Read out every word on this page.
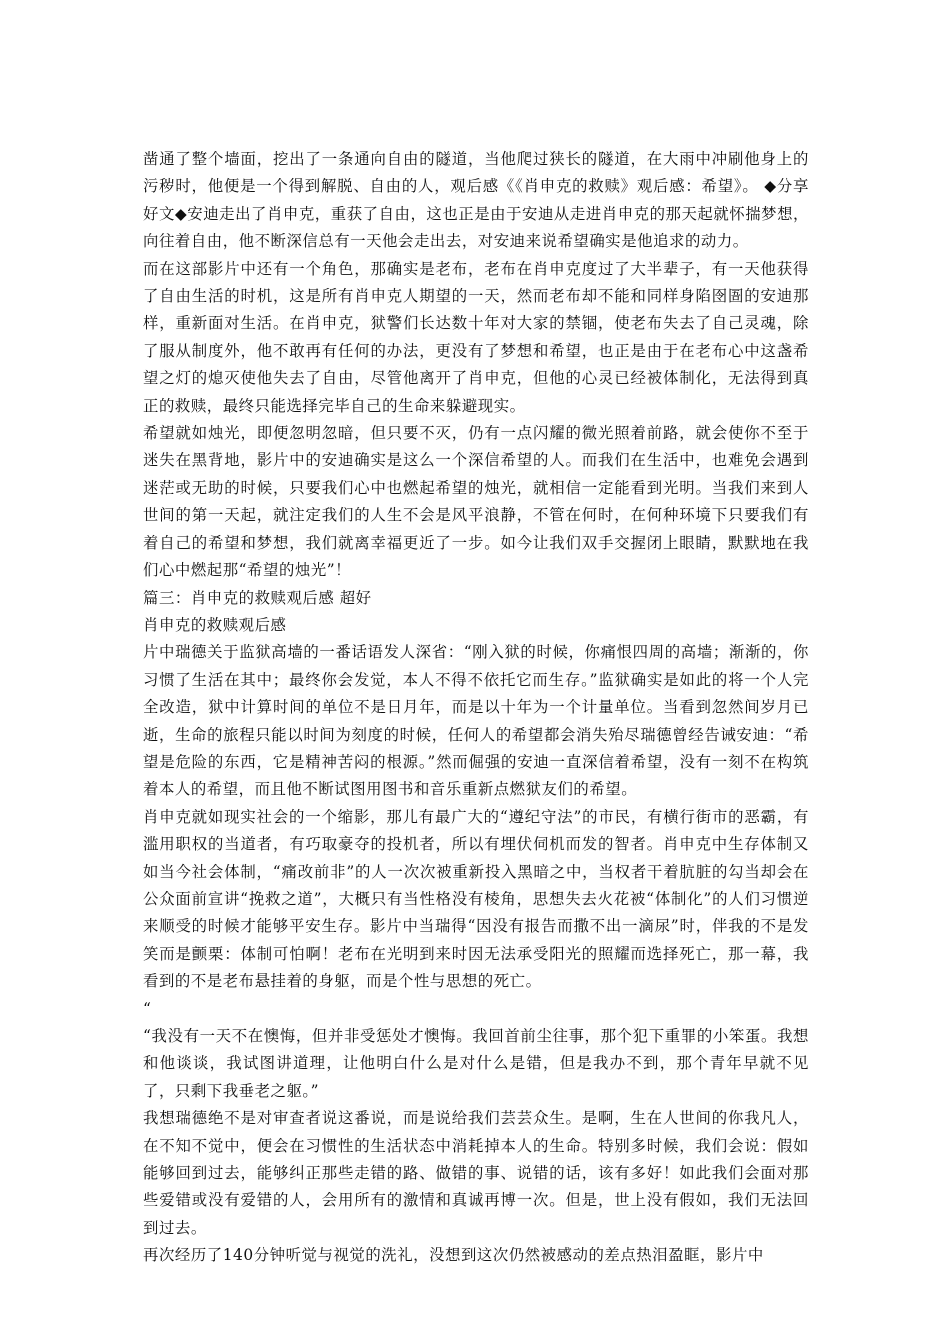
凿通了整个墙面，挖出了一条通向自由的隧道，当他爬过狭长的隧道，在大雨中冲刷他身上的污秽时，他便是一个得到解脱、自由的人，观后感《《肖申克的救赎》观后感：希望》。 ◆分享好文◆安迪走出了肖申克，重获了自由，这也正是由于安迪从走进肖申克的那天起就怀揣梦想，向往着自由，他不断深信总有一天他会走出去，对安迪来说希望确实是他追求的动力。

而在这部影片中还有一个角色，那确实是老布，老布在肖申克度过了大半辈子，有一天他获得了自由生活的时机，这是所有肖申克人期望的一天，然而老布却不能和同样身陷囹圄的安迪那样，重新面对生活。在肖申克，狱警们长达数十年对大家的禁锢，使老布失去了自己灵魂，除了服从制度外，他不敢再有任何的办法，更没有了梦想和希望，也正是由于在老布心中这盏希望之灯的熄灭使他失去了自由，尽管他离开了肖申克，但他的心灵已经被体制化，无法得到真正的救赎，最终只能选择完毕自己的生命来躲避现实。

希望就如烛光，即便忽明忽暗，但只要不灭，仍有一点闪耀的微光照着前路，就会使你不至于迷失在黑背地，影片中的安迪确实是这么一个深信希望的人。而我们在生活中，也难免会遇到迷茫或无助的时候，只要我们心中也燃起希望的烛光，就相信一定能看到光明。当我们来到人世间的第一天起，就注定我们的人生不会是风平浪静，不管在何时，在何种环境下只要我们有着自己的希望和梦想，我们就离幸福更近了一步。如今让我们双手交握闭上眼睛，默默地在我们心中燃起那“希望的烛光”！

篇三：肖申克的救赎观后感 超好

肖申克的救赎观后感

片中瑞德关于监狱高墙的一番话语发人深省：“刚入狱的时候，你痛恨四周的高墙；渐渐的，你习惯了生活在其中；最终你会发觉，本人不得不依托它而生存。”监狱确实是如此的将一个人完全改造，狱中计算时间的单位不是日月年，而是以十年为一个计量单位。当看到忽然间岁月已逝，生命的旅程只能以时间为刻度的时候，任何人的希望都会消失殆尽瑞德曾经告诫安迪：“希望是危险的东西，它是精神苦闷的根源。”然而倔强的安迪一直深信着希望，没有一刻不在构筑着本人的希望，而且他不断试图用图书和音乐重新点燃狱友们的希望。

肖申克就如现实社会的一个缩影，那儿有最广大的“遵纪守法”的市民，有横行街市的恶霸，有滥用职权的当道者，有巧取豪夺的投机者，所以有埋伏伺机而发的智者。肖申克中生存体制又如当今社会体制，“痛改前非”的人一次次被重新投入黑暗之中，当权者干着肮脏的勾当却会在公众面前宣讲“挽救之道”，大概只有当性格没有棱角，思想失去火花被“体制化”的人们习惯逆来顺受的时候才能够平安生存。影片中当瑞得“因没有报告而撒不出一滴尿”时，伴我的不是发笑而是颤栗：体制可怕啊！老布在光明到来时因无法承受阳光的照耀而选择死亡，那一幕，我看到的不是老布悬挂着的身躯，而是个性与思想的死亡。

“

“我没有一天不在懊悔，但并非受惩处才懊悔。我回首前尘往事，那个犯下重罪的小笨蛋。我想和他谈谈，我试图讲道理，让他明白什么是对什么是错，但是我办不到，那个青年早就不见了，只剩下我垂老之躯。”

我想瑞德绝不是对审查者说这番说，而是说给我们芸芸众生。是啊，生在人世间的你我凡人，在不知不觉中，便会在习惯性的生活状态中消耗掉本人的生命。特别多时候，我们会说：假如能够回到过去，能够纠正那些走错的路、做错的事、说错的话，该有多好！如此我们会面对那些爱错或没有爱错的人，会用所有的激情和真诚再博一次。但是，世上没有假如，我们无法回到过去。

再次经历了140分钟听觉与视觉的洗礼，没想到这次仍然被感动的差点热泪盈眶，影片中
